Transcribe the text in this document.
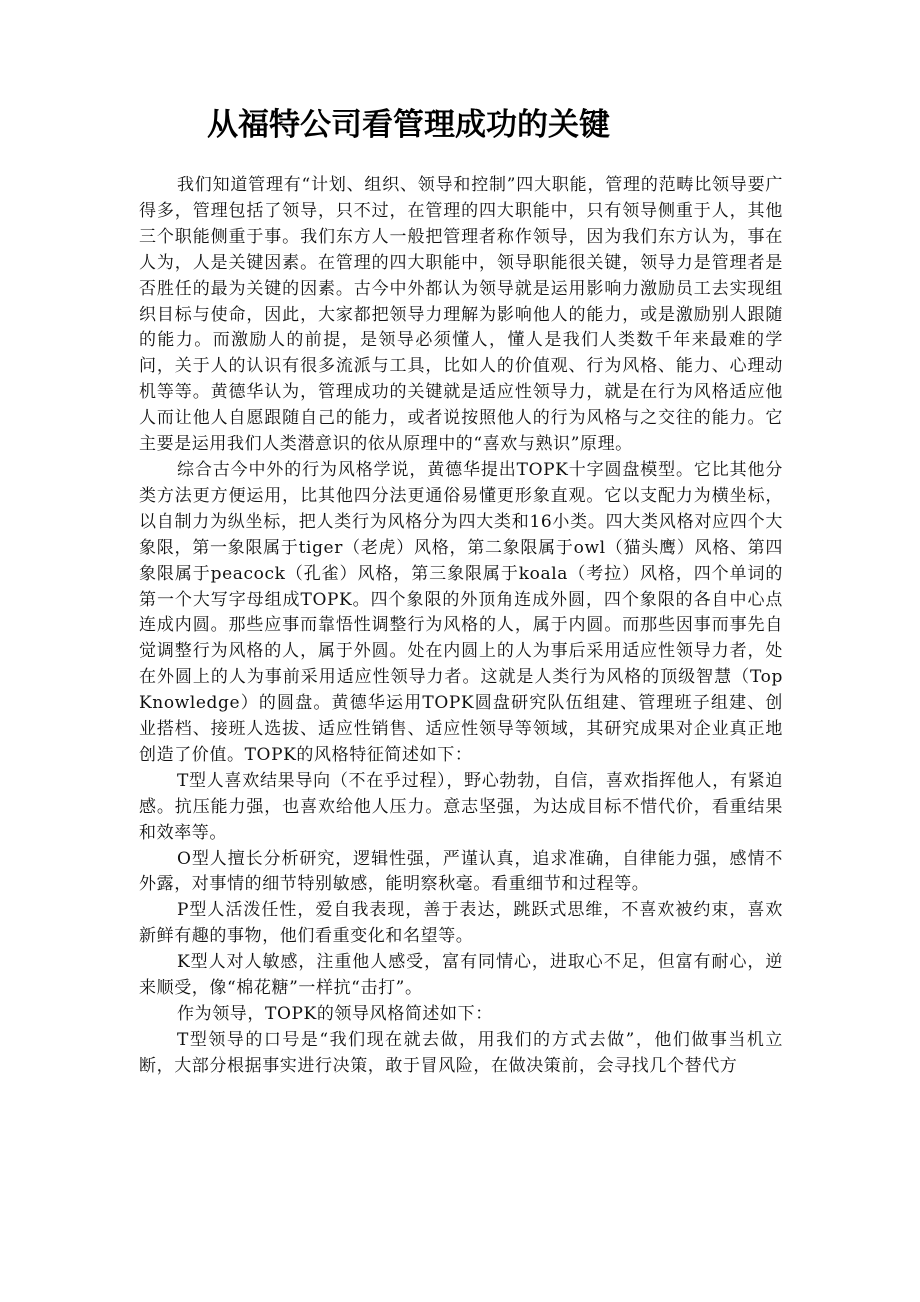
从福特公司看管理成功的关键

我们知道管理有“计划、组织、领导和控制”四大职能，管理的范畴比领导要广得多，管理包括了领导，只不过，在管理的四大职能中，只有领导侧重于人，其他三个职能侧重于事。我们东方人一般把管理者称作领导，因为我们东方认为，事在人为，人是关键因素。在管理的四大职能中，领导职能很关键，领导力是管理者是否胜任的最为关键的因素。古今中外都认为领导就是运用影响力激励员工去实现组织目标与使命，因此，大家都把领导力理解为影响他人的能力，或是激励别人跟随的能力。而激励人的前提，是领导必须懂人，懂人是我们人类数千年来最难的学问，关于人的认识有很多流派与工具，比如人的价值观、行为风格、能力、心理动机等等。黄德华认为，管理成功的关键就是适应性领导力，就是在行为风格适应他人而让他人自愿跟随自己的能力，或者说按照他人的行为风格与之交往的能力。它主要是运用我们人类潜意识的依从原理中的“喜欢与熟识”原理。

综合古今中外的行为风格学说，黄德华提出TOPK十字圆盘模型。它比其他分类方法更方便运用，比其他四分法更通俗易懂更形象直观。它以支配力为横坐标，以自制力为纵坐标，把人类行为风格分为四大类和16小类。四大类风格对应四个大象限，第一象限属于tiger（老虎）风格，第二象限属于owl（猫头鹰）风格、第四象限属于peacock（孔雀）风格，第三象限属于koala（考拉）风格，四个单词的第一个大写字母组成TOPK。四个象限的外顶角连成外圆，四个象限的各自中心点连成内圆。那些应事而靠悟性调整行为风格的人，属于内圆。而那些因事而事先自觉调整行为风格的人，属于外圆。处在内圆上的人为事后采用适应性领导力者，处在外圆上的人为事前采用适应性领导力者。这就是人类行为风格的顶级智慧（Top Knowledge）的圆盘。黄德华运用TOPK圆盘研究队伍组建、管理班子组建、创业搭档、接班人选拔、适应性销售、适应性领导等领域，其研究成果对企业真正地创造了价值。TOPK的风格特征简述如下：

T型人喜欢结果导向（不在乎过程），野心勃勃，自信，喜欢指挥他人，有紧迫感。抗压能力强，也喜欢给他人压力。意志坚强，为达成目标不惜代价，看重结果和效率等。

O型人擅长分析研究，逻辑性强，严谨认真，追求准确，自律能力强，感情不外露，对事情的细节特别敏感，能明察秋毫。看重细节和过程等。

P型人活泼任性，爱自我表现，善于表达，跳跃式思维，不喜欢被约束，喜欢新鲜有趣的事物，他们看重变化和名望等。

K型人对人敏感，注重他人感受，富有同情心，进取心不足，但富有耐心，逆来顺受，像“棉花糖”一样抗“击打”。

作为领导，TOPK的领导风格简述如下：

T型领导的口号是“我们现在就去做，用我们的方式去做”，他们做事当机立断，大部分根据事实进行决策，敢于冒风险，在做决策前，会寻找几个替代方
